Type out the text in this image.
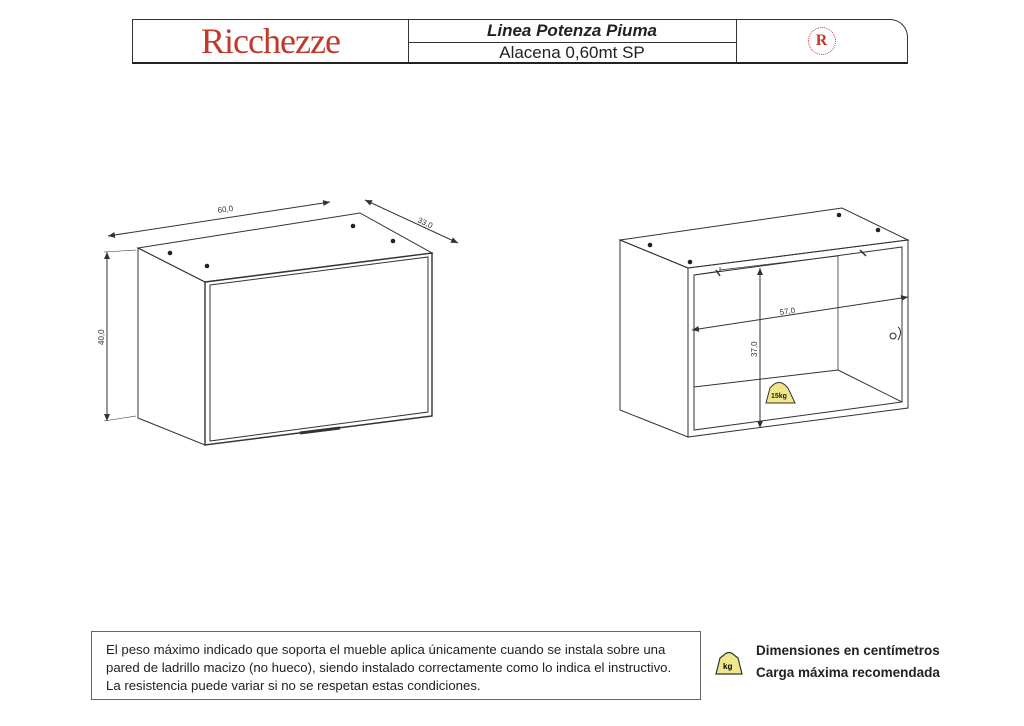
Ricchezze	Linea Potenza Piuma
Alacena 0,60mt SP
R
60,0
33,0
40,0
57,0
37,0
15kg
El peso máximo indicado que soporta el mueble aplica únicamente cuando se instala sobre una pared de ladrillo macizo (no hueco), siendo instalado correctamente como lo indica el instructivo. La resistencia puede variar si no se respetan estas condiciones.
kg
Dimensiones en centímetros
Carga máxima recomendada
